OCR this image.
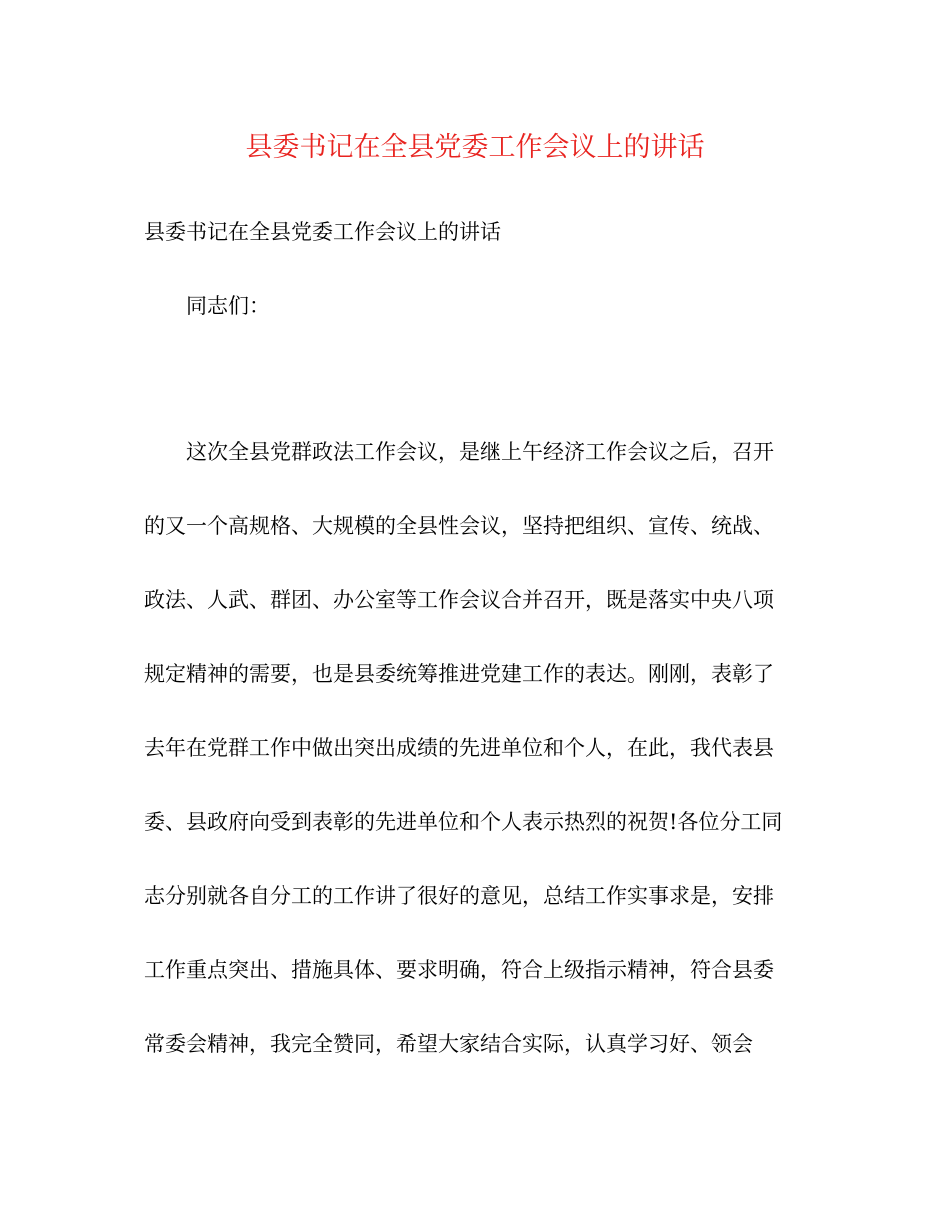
县委书记在全县党委工作会议上的讲话
县委书记在全县党委工作会议上的讲话
同志们：
这次全县党群政法工作会议，是继上午经济工作会议之后，召开
的又一个高规格、大规模的全县性会议，坚持把组织、宣传、统战、
政法、人武、群团、办公室等工作会议合并召开，既是落实中央八项
规定精神的需要，也是县委统筹推进党建工作的表达。刚刚，表彰了
去年在党群工作中做出突出成绩的先进单位和个人，在此，我代表县
委、县政府向受到表彰的先进单位和个人表示热烈的祝贺!各位分工同
志分别就各自分工的工作讲了很好的意见，总结工作实事求是，安排
工作重点突出、措施具体、要求明确，符合上级指示精神，符合县委
常委会精神，我完全赞同，希望大家结合实际，认真学习好、领会
